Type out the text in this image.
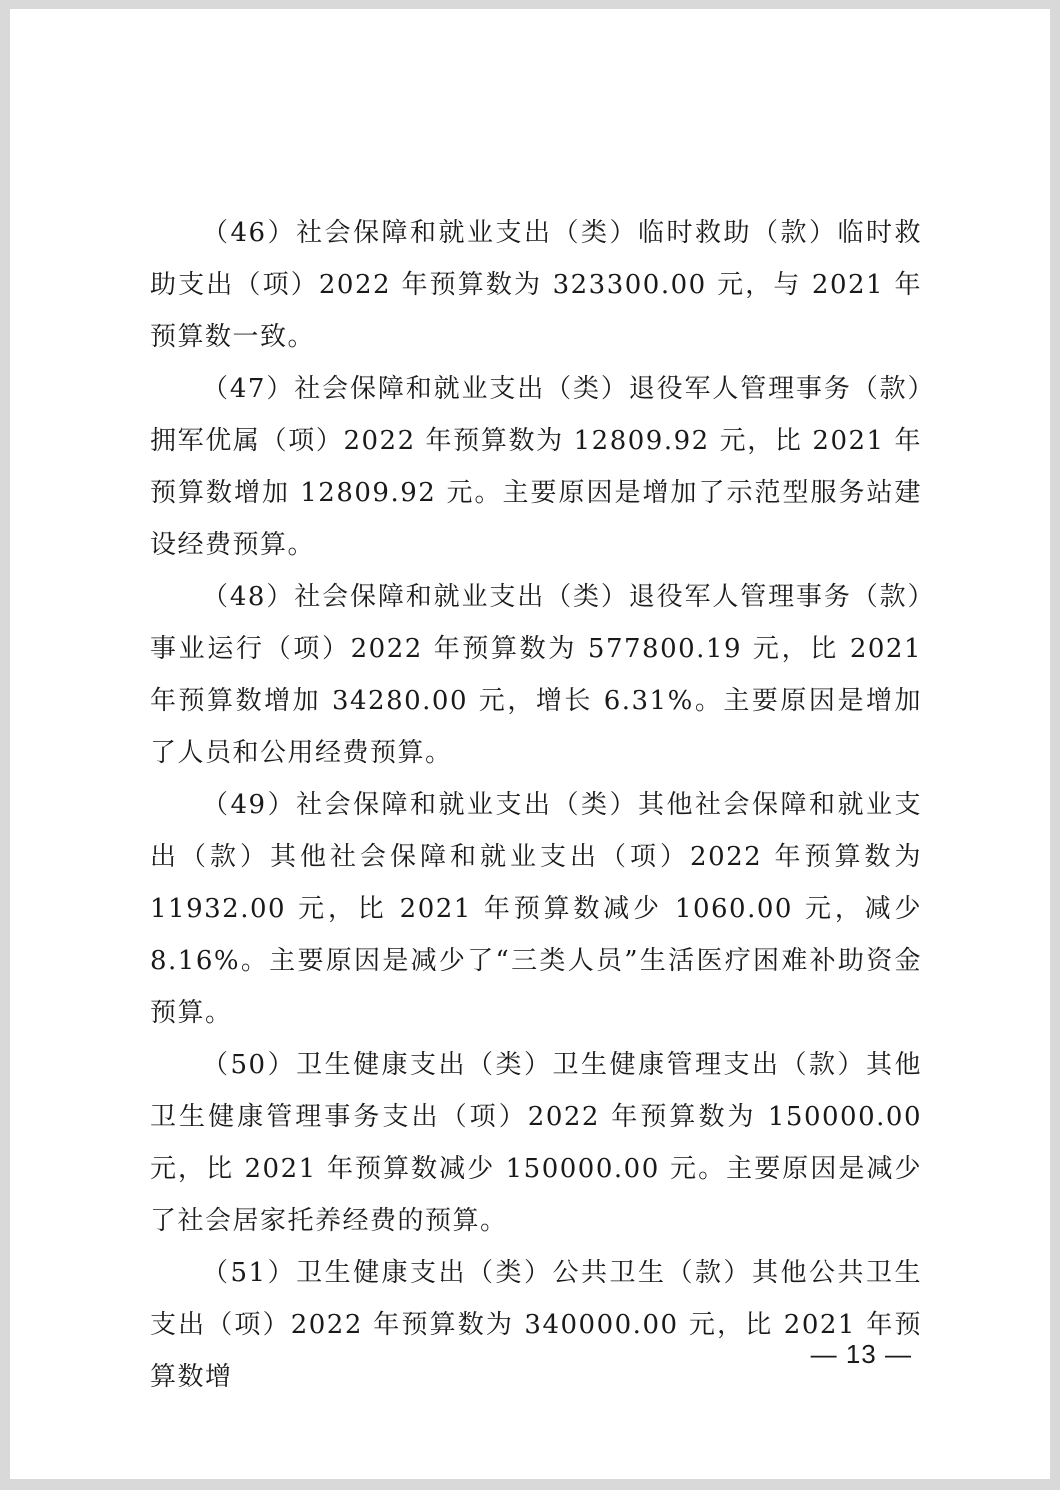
（46）社会保障和就业支出（类）临时救助（款）临时救助支出（项）2022 年预算数为 323300.00 元，与 2021 年预算数一致。

（47）社会保障和就业支出（类）退役军人管理事务（款）拥军优属（项）2022 年预算数为 12809.92 元，比 2021 年预算数增加 12809.92 元。主要原因是增加了示范型服务站建设经费预算。

（48）社会保障和就业支出（类）退役军人管理事务（款）事业运行（项）2022 年预算数为 577800.19 元，比 2021 年预算数增加 34280.00 元，增长 6.31%。主要原因是增加了人员和公用经费预算。

（49）社会保障和就业支出（类）其他社会保障和就业支出（款）其他社会保障和就业支出（项）2022 年预算数为 11932.00 元，比 2021 年预算数减少 1060.00 元，减少 8.16%。主要原因是减少了“三类人员”生活医疗困难补助资金预算。

（50）卫生健康支出（类）卫生健康管理支出（款）其他卫生健康管理事务支出（项）2022 年预算数为 150000.00 元，比 2021 年预算数减少 150000.00 元。主要原因是减少了社会居家托养经费的预算。

（51）卫生健康支出（类）公共卫生（款）其他公共卫生支出（项）2022 年预算数为 340000.00 元，比 2021 年预算数增

— 13 —
